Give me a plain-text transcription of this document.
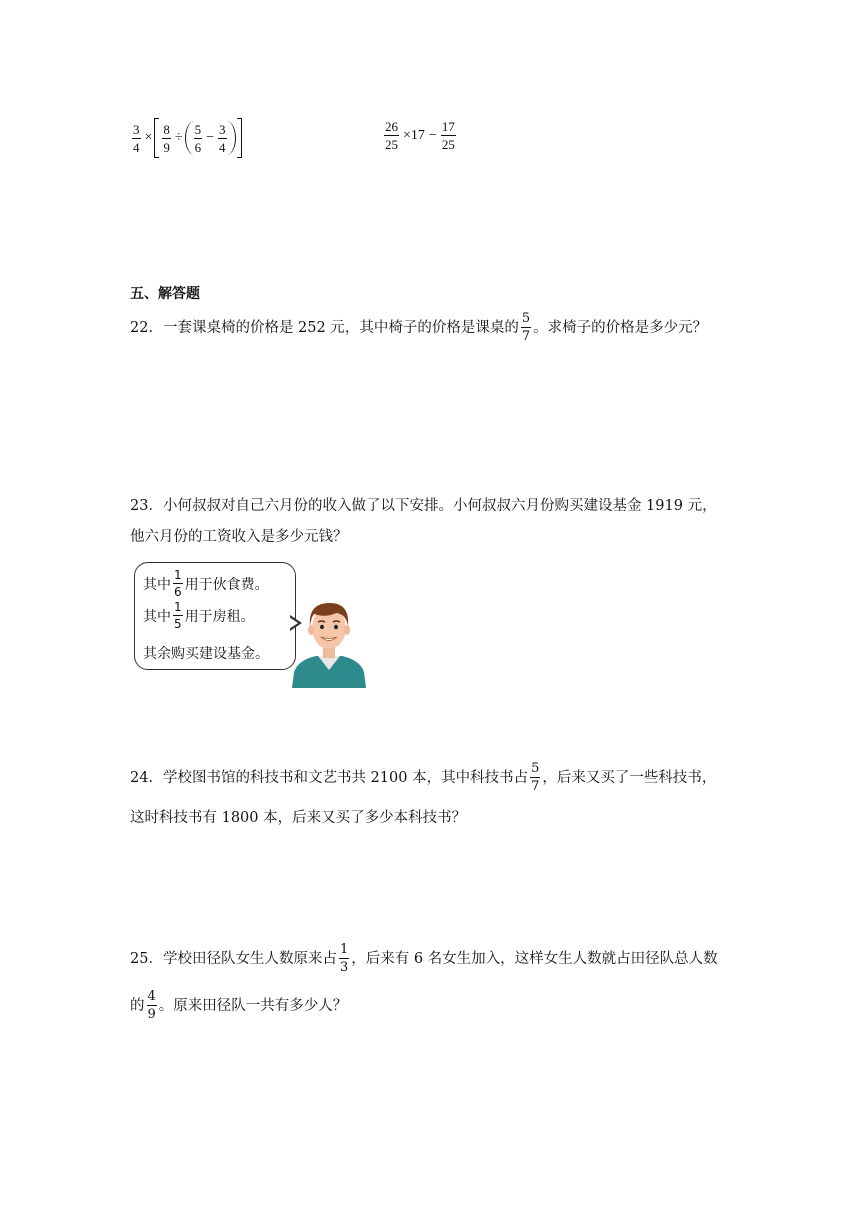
$\frac{3}{4} \times \frac{8}{9} \div \frac{5}{6} - \frac{3}{4}$	$\frac{26}{25} \times 17 - \frac{17}{25}$
五、解答题
22．一套课桌椅的价格是 252 元，其中椅子的价格是课桌的 $\frac{5}{7}$ 。求椅子的价格是多少元？
23．小何叔叔对自己六月份的收入做了以下安排。小何叔叔六月份购买建设基金 1919 元，
他六月份的工资收入是多少元钱？
其中 $\frac{1}{6}$ 用于伙食费。
其中 $\frac{1}{5}$ 用于房租。
其余购买建设基金。
24．学校图书馆的科技书和文艺书共 2100 本，其中科技书占 $\frac{5}{7}$ ，后来又买了一些科技书，
这时科技书有 1800 本，后来又买了多少本科技书？
25．学校田径队女生人数原来占 $\frac{1}{3}$ ，后来有 6 名女生加入，这样女生人数就占田径队总人数
的 $\frac{4}{9}$ 。原来田径队一共有多少人？
